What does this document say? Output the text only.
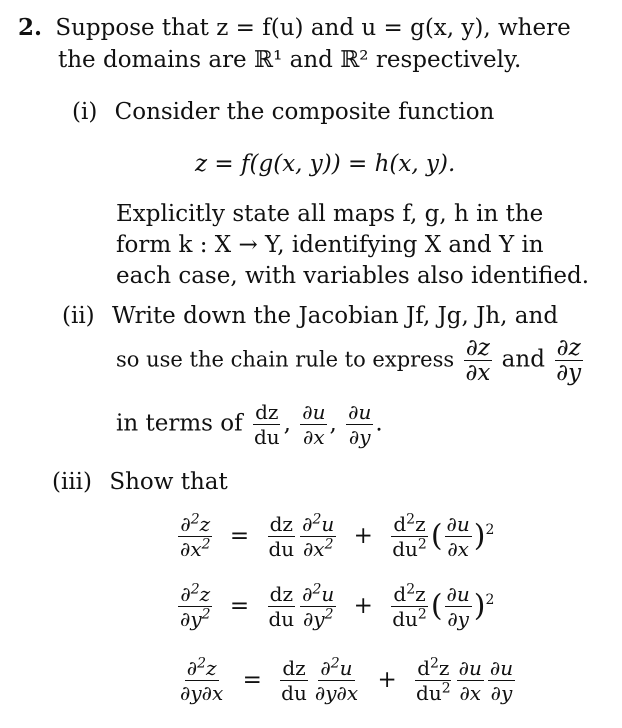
2. Suppose that z = f(u) and u = g(x, y), where
the domains are ℝ¹ and ℝ² respectively.
(i) Consider the composite function
z = f(g(x, y)) = h(x, y).
Explicitly state all maps f, g, h in the
form k : X → Y, identifying X and Y in
each case, with variables also identified.
(ii) Write down the Jacobian Jf, Jg, Jh, and
so use the chain rule to express $\frac{\partial z}{\partial x}$ and $\frac{\partial z}{\partial y}$
in terms of $\frac{dz}{du}$ , $\frac{\partial u}{\partial x}$ , $\frac{\partial u}{\partial y}$ .
(iii) Show that
$\frac{\partial^2z}{\partial x^2} = \frac{dz}{du} \frac{\partial^2u}{\partial x^2} + \frac{d^2z}{du^2}$ ( $\frac{\partial u}{\partial x} )^2$
$\frac{\partial^2z}{\partial y^2} = \frac{dz}{du} \frac{\partial^2u}{\partial y^2} + \frac{d^2z}{du^2}$ ( $\frac{\partial u}{\partial y} )^2$
$\frac{\partial^2z}{\partial y\partial x} = \frac{dz}{du} \frac{\partial^2u}{\partial y\partial x} + \frac{d^2z}{du^2} \frac{\partial u}{\partial x} \frac{\partial u}{\partial y}$
